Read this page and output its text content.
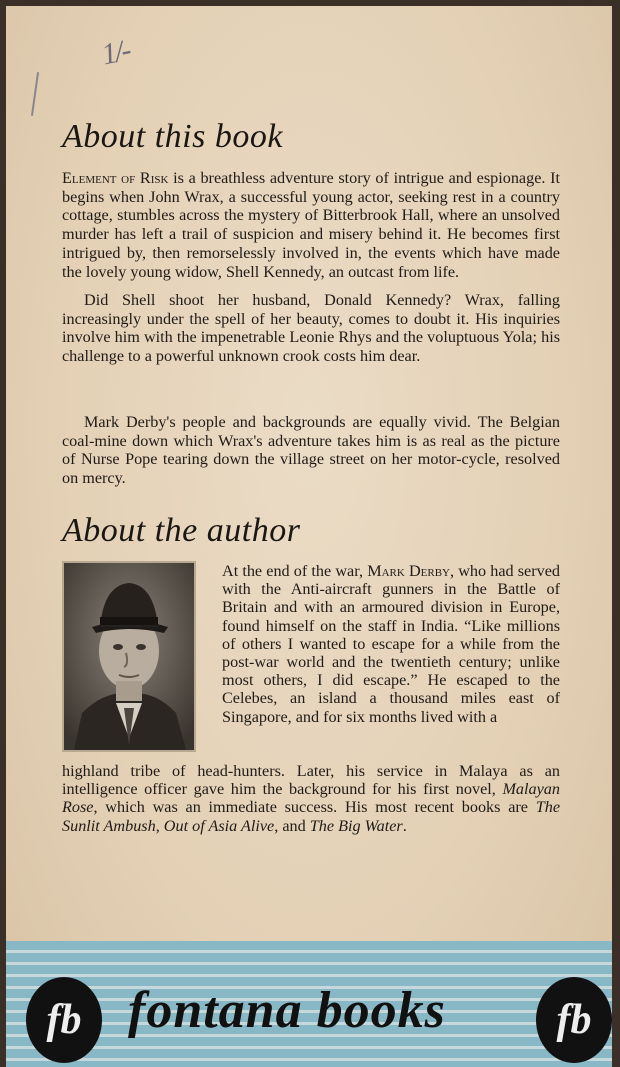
1/-
About this book

Element of Risk is a breathless adventure story of intrigue and espionage. It begins when John Wrax, a successful young actor, seeking rest in a country cottage, stumbles across the mystery of Bitterbrook Hall, where an unsolved murder has left a trail of suspicion and misery behind it. He becomes first intrigued by, then remorselessly involved in, the events which have made the lovely young widow, Shell Kennedy, an outcast from life.

Did Shell shoot her husband, Donald Kennedy? Wrax, falling increasingly under the spell of her beauty, comes to doubt it. His inquiries involve him with the impenetrable Leonie Rhys and the voluptuous Yola; his challenge to a powerful unknown crook costs him dear.

Mark Derby's people and backgrounds are equally vivid. The Belgian coal-mine down which Wrax's adventure takes him is as real as the picture of Nurse Pope tearing down the village street on her motor-cycle, resolved on mercy.

About the author

At the end of the war, Mark Derby, who had served with the Anti-aircraft gunners in the Battle of Britain and with an armoured division in Europe, found himself on the staff in India. “Like millions of others I wanted to escape for a while from the post-war world and the twentieth century; unlike most others, I did escape.” He escaped to the Celebes, an island a thousand miles east of Singapore, and for six months lived with a

highland tribe of head-hunters. Later, his service in Malaya as an intelligence officer gave him the background for his first novel, Malayan Rose, which was an immediate success. His most recent books are The Sunlit Ambush, Out of Asia Alive, and The Big Water.

fb fontana books	fb
